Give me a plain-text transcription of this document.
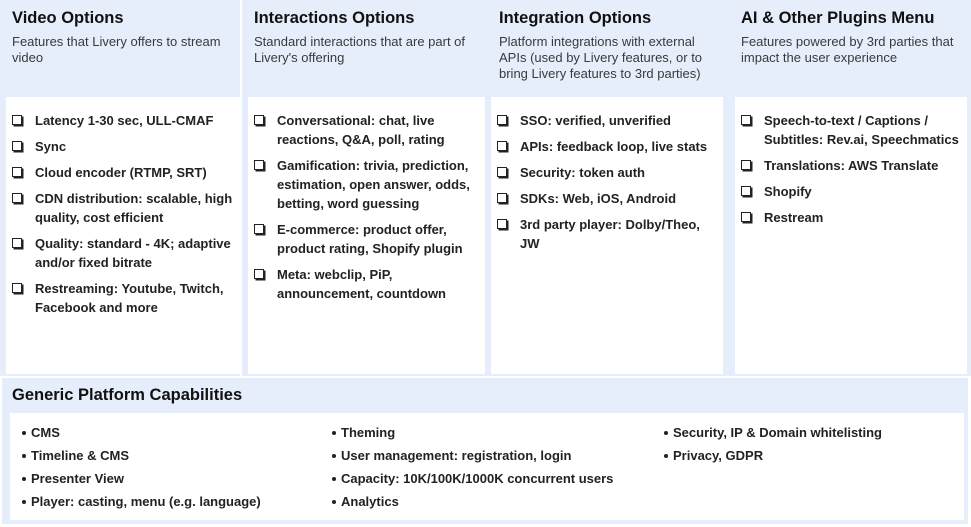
Video Options
Features that Livery offers to stream video
Latency 1-30 sec, ULL-CMAF
Sync
Cloud encoder (RTMP, SRT)
CDN distribution: scalable, high quality, cost efficient
Quality: standard - 4K; adaptive and/or fixed bitrate
Restreaming: Youtube, Twitch, Facebook and more
Interactions Options
Standard interactions that are part of Livery's offering
Conversational: chat, live reactions, Q&A, poll, rating
Gamification: trivia, prediction, estimation, open answer, odds, betting, word guessing
E-commerce: product offer, product rating, Shopify plugin
Meta: webclip, PiP, announcement, countdown
Integration Options
Platform integrations with external APIs (used by Livery features, or to bring Livery features to 3rd parties)
SSO: verified, unverified
APIs: feedback loop, live stats
Security: token auth
SDKs: Web, iOS, Android
3rd party player: Dolby/Theo, JW
AI & Other Plugins Menu
Features powered by 3rd parties that impact the user experience
Speech-to-text / Captions / Subtitles: Rev.ai, Speechmatics
Translations: AWS Translate
Shopify
Restream
Generic Platform Capabilities
CMS
Timeline & CMS
Presenter View
Player: casting, menu (e.g. language)
Theming
User management: registration, login
Capacity: 10K/100K/1000K concurrent users
Analytics
Security, IP & Domain whitelisting
Privacy, GDPR
